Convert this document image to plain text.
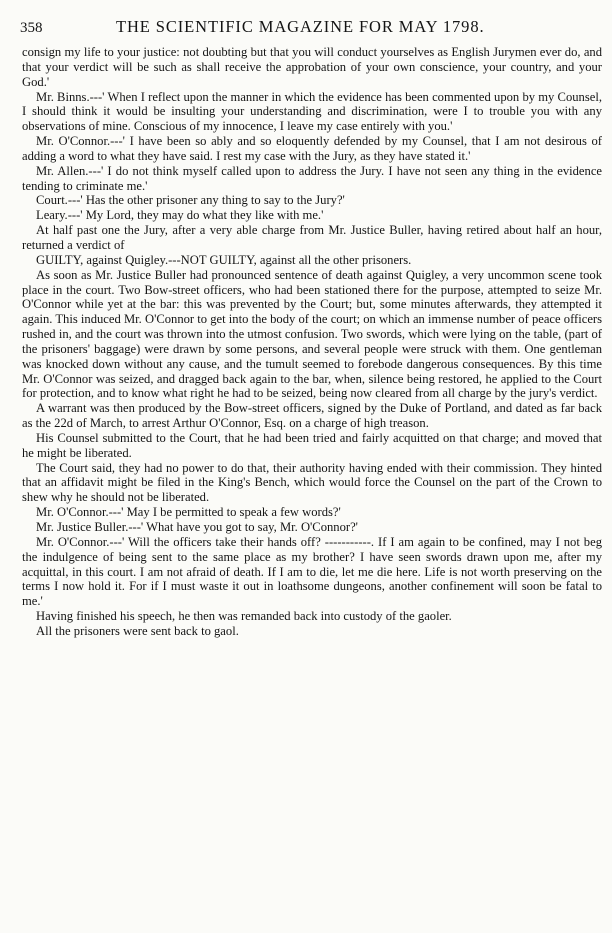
358	THE SCIENTIFIC MAGAZINE FOR MAY 1798.

consign my life to your justice: not doubting but that you will conduct yourselves as English Jurymen ever do, and that your verdict will be such as shall receive the approbation of your own conscience, your country, and your God.'

Mr. Binns.---' When I reflect upon the manner in which the evidence has been commented upon by my Counsel, I should think it would be insulting your understanding and discrimination, were I to trouble you with any observations of mine. Conscious of my innocence, I leave my case entirely with you.'

Mr. O'Connor.---' I have been so ably and so eloquently defended by my Counsel, that I am not desirous of adding a word to what they have said. I rest my case with the Jury, as they have stated it.'

Mr. Allen.---' I do not think myself called upon to address the Jury. I have not seen any thing in the evidence tending to criminate me.'

Court.---' Has the other prisoner any thing to say to the Jury?'

Leary.---' My Lord, they may do what they like with me.'

At half past one the Jury, after a very able charge from Mr. Justice Buller, having retired about half an hour, returned a verdict of

GUILTY, against Quigley.---NOT GUILTY, against all the other prisoners.

As soon as Mr. Justice Buller had pronounced sentence of death against Quigley, a very uncommon scene took place in the court. Two Bow-street officers, who had been stationed there for the purpose, attempted to seize Mr. O'Connor while yet at the bar: this was prevented by the Court; but, some minutes afterwards, they attempted it again. This induced Mr. O'Connor to get into the body of the court; on which an immense number of peace officers rushed in, and the court was thrown into the utmost confusion. Two swords, which were lying on the table, (part of the prisoners' baggage) were drawn by some persons, and several people were struck with them. One gentleman was knocked down without any cause, and the tumult seemed to forebode dangerous consequences. By this time Mr. O'Connor was seized, and dragged back again to the bar, when, silence being restored, he applied to the Court for protection, and to know what right he had to be seized, being now cleared from all charge by the jury's verdict.

A warrant was then produced by the Bow-street officers, signed by the Duke of Portland, and dated as far back as the 22d of March, to arrest Arthur O'Connor, Esq. on a charge of high treason.

His Counsel submitted to the Court, that he had been tried and fairly acquitted on that charge; and moved that he might be liberated.

The Court said, they had no power to do that, their authority having ended with their commission. They hinted that an affidavit might be filed in the King's Bench, which would force the Counsel on the part of the Crown to shew why he should not be liberated.

Mr. O'Connor.---' May I be permitted to speak a few words?'

Mr. Justice Buller.---' What have you got to say, Mr. O'Connor?'

Mr. O'Connor.---' Will the officers take their hands off? -----------. If I am again to be confined, may I not beg the indulgence of being sent to the same place as my brother? I have seen swords drawn upon me, after my acquittal, in this court. I am not afraid of death. If I am to die, let me die here. Life is not worth preserving on the terms I now hold it. For if I must waste it out in loathsome dungeons, another confinement will soon be fatal to me.'

Having finished his speech, he then was remanded back into custody of the gaoler.

All the prisoners were sent back to gaol.
